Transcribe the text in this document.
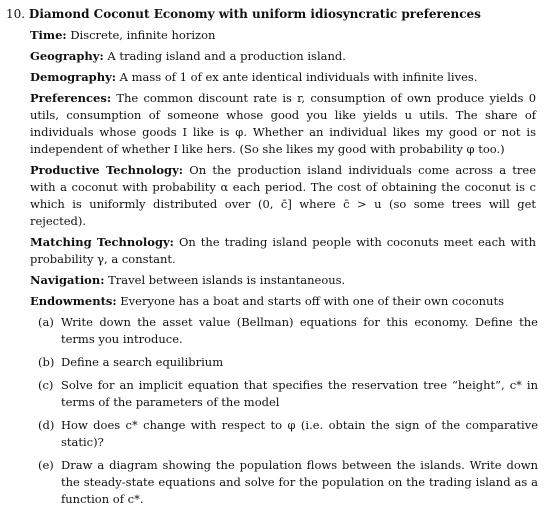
10. Diamond Coconut Economy with uniform idiosyncratic preferences

Time: Discrete, infinite horizon

Geography: A trading island and a production island.

Demography: A mass of 1 of ex ante identical individuals with infinite lives.

Preferences: The common discount rate is r, consumption of own produce yields 0 utils, consumption of someone whose good you like yields u utils. The share of individuals whose goods I like is φ. Whether an individual likes my good or not is independent of whether I like hers. (So she likes my good with probability φ too.)

Productive Technology: On the production island individuals come across a tree with a coconut with probability α each period. The cost of obtaining the coconut is c which is uniformly distributed over (0, c̄] where c̄ > u (so some trees will get rejected).

Matching Technology: On the trading island people with coconuts meet each with probability γ, a constant.

Navigation: Travel between islands is instantaneous.

Endowments: Everyone has a boat and starts off with one of their own coconuts

(a) Write down the asset value (Bellman) equations for this economy. Define the terms you introduce.
(b) Define a search equilibrium
(c) Solve for an implicit equation that specifies the reservation tree “height”, c* in terms of the parameters of the model
(d) How does c* change with respect to φ (i.e. obtain the sign of the comparative static)?
(e) Draw a diagram showing the population flows between the islands. Write down the steady-state equations and solve for the population on the trading island as a function of c*.
